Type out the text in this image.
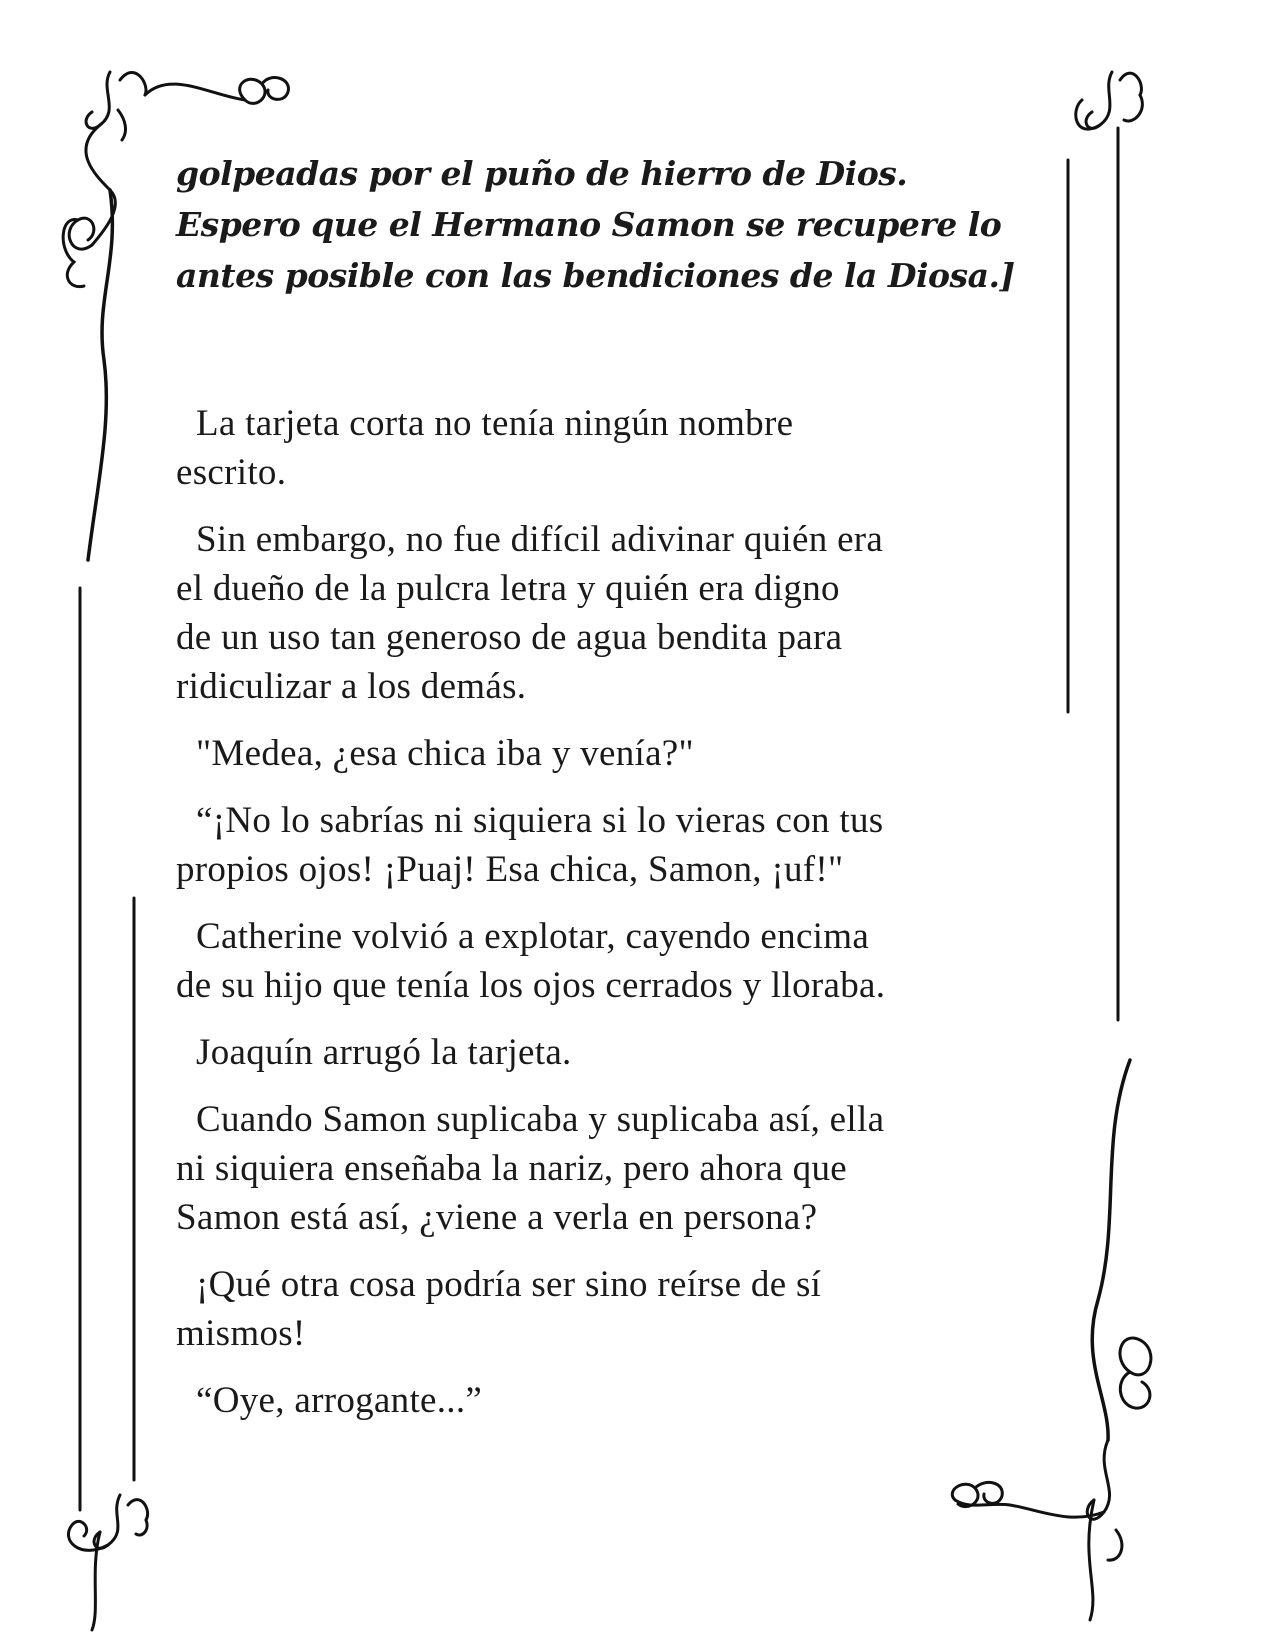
golpeadas por el puño de hierro de Dios.
Espero que el Hermano Samon se recupere lo
antes posible con las bendiciones de la Diosa.]

La tarjeta corta no tenía ningún nombre
escrito.

Sin embargo, no fue difícil adivinar quién era
el dueño de la pulcra letra y quién era digno
de un uso tan generoso de agua bendita para
ridiculizar a los demás.

"Medea, ¿esa chica iba y venía?"

“¡No lo sabrías ni siquiera si lo vieras con tus
propios ojos! ¡Puaj! Esa chica, Samon, ¡uf!"

Catherine volvió a explotar, cayendo encima
de su hijo que tenía los ojos cerrados y lloraba.

Joaquín arrugó la tarjeta.

Cuando Samon suplicaba y suplicaba así, ella
ni siquiera enseñaba la nariz, pero ahora que
Samon está así, ¿viene a verla en persona?

¡Qué otra cosa podría ser sino reírse de sí
mismos!

“Oye, arrogante...”
